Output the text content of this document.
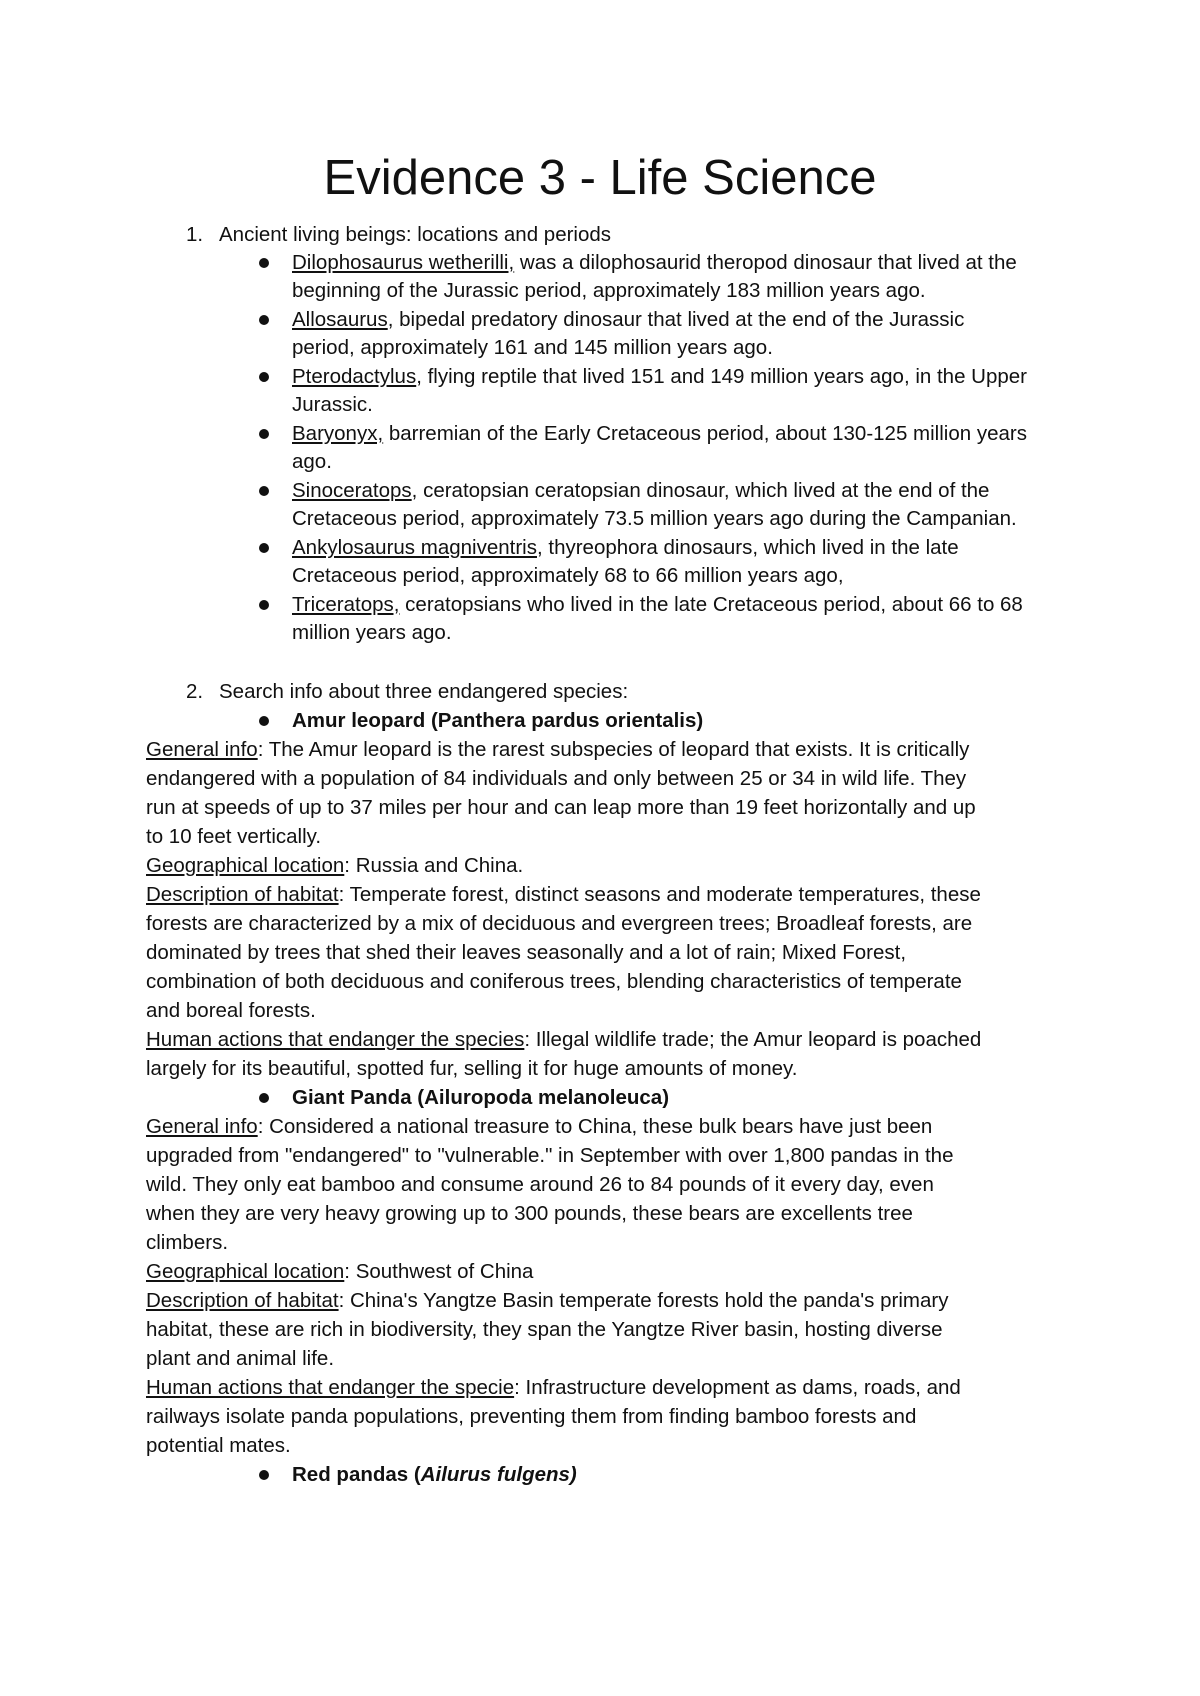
Evidence 3 - Life Science
1. Ancient living beings: locations and periods
Dilophosaurus wetherilli, was a dilophosaurid theropod dinosaur that lived at the
beginning of the Jurassic period, approximately 183 million years ago.
Allosaurus, bipedal predatory dinosaur that lived at the end of the Jurassic
period, approximately 161 and 145 million years ago.
Pterodactylus, flying reptile that lived 151 and 149 million years ago, in the Upper
Jurassic.
Baryonyx, barremian of the Early Cretaceous period, about 130-125 million years
ago.
Sinoceratops, ceratopsian ceratopsian dinosaur, which lived at the end of the
Cretaceous period, approximately 73.5 million years ago during the Campanian.
Ankylosaurus magniventris, thyreophora dinosaurs, which lived in the late
Cretaceous period, approximately 68 to 66 million years ago,
Triceratops, ceratopsians who lived in the late Cretaceous period, about 66 to 68
million years ago.
2. Search info about three endangered species:
Amur leopard (Panthera pardus orientalis)
General info: The Amur leopard is the rarest subspecies of leopard that exists. It is critically
endangered with a population of 84 individuals and only between 25 or 34 in wild life. They
run at speeds of up to 37 miles per hour and can leap more than 19 feet horizontally and up
to 10 feet vertically.
Geographical location: Russia and China.
Description of habitat: Temperate forest, distinct seasons and moderate temperatures, these
forests are characterized by a mix of deciduous and evergreen trees; Broadleaf forests, are
dominated by trees that shed their leaves seasonally and a lot of rain; Mixed Forest,
combination of both deciduous and coniferous trees, blending characteristics of temperate
and boreal forests.
Human actions that endanger the species: Illegal wildlife trade; the Amur leopard is poached
largely for its beautiful, spotted fur, selling it for huge amounts of money.
Giant Panda (Ailuropoda melanoleuca)
General info: Considered a national treasure to China, these bulk bears have just been
upgraded from "endangered" to "vulnerable." in September with over 1,800 pandas in the
wild. They only eat bamboo and consume around 26 to 84 pounds of it every day, even
when they are very heavy growing up to 300 pounds, these bears are excellents tree
climbers.
Geographical location: Southwest of China
Description of habitat: China's Yangtze Basin temperate forests hold the panda's primary
habitat, these are rich in biodiversity, they span the Yangtze River basin, hosting diverse
plant and animal life.
Human actions that endanger the specie: Infrastructure development as dams, roads, and
railways isolate panda populations, preventing them from finding bamboo forests and
potential mates.
Red pandas (Ailurus fulgens)
